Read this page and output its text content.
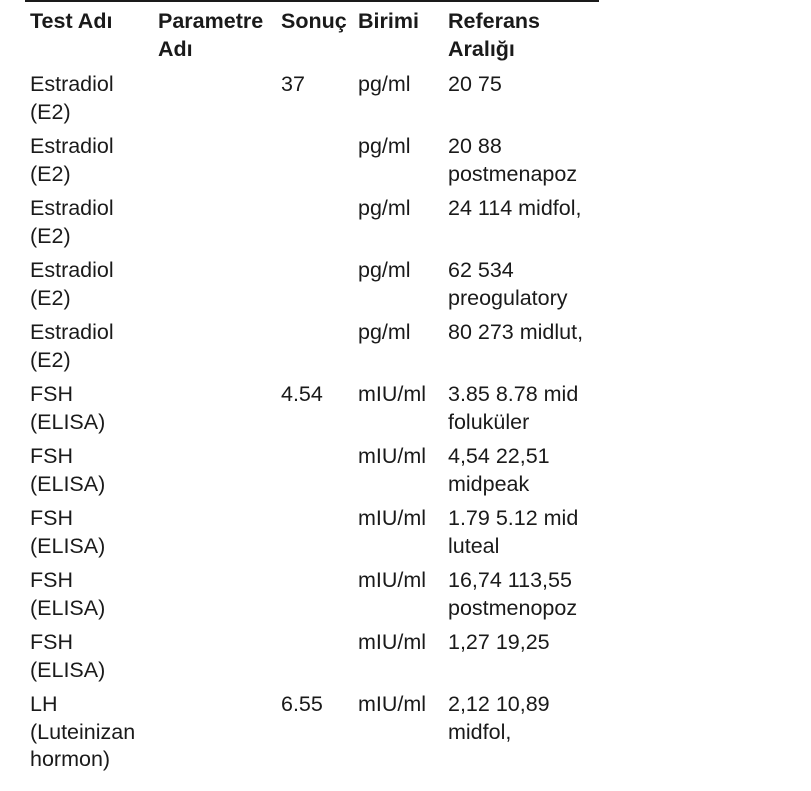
Test Adı	Parametre Adı	Sonuç	Birimi	Referans Aralığı
Estradiol (E2)		37	pg/ml	20 75
Estradiol (E2)			pg/ml	20 88 postmenapoz
Estradiol (E2)			pg/ml	24 114 midfol,
Estradiol (E2)			pg/ml	62 534 preogulatory
Estradiol (E2)			pg/ml	80 273 midlut,
FSH (ELISA)		4.54	mIU/ml	3.85 8.78 mid foluküler
FSH (ELISA)			mIU/ml	4,54 22,51 midpeak
FSH (ELISA)			mIU/ml	1.79 5.12 mid luteal
FSH (ELISA)			mIU/ml	16,74 113,55 postmenopoz
FSH (ELISA)			mIU/ml	1,27 19,25
LH (Luteinizan hormon)		6.55	mIU/ml	2,12 10,89 midfol,
